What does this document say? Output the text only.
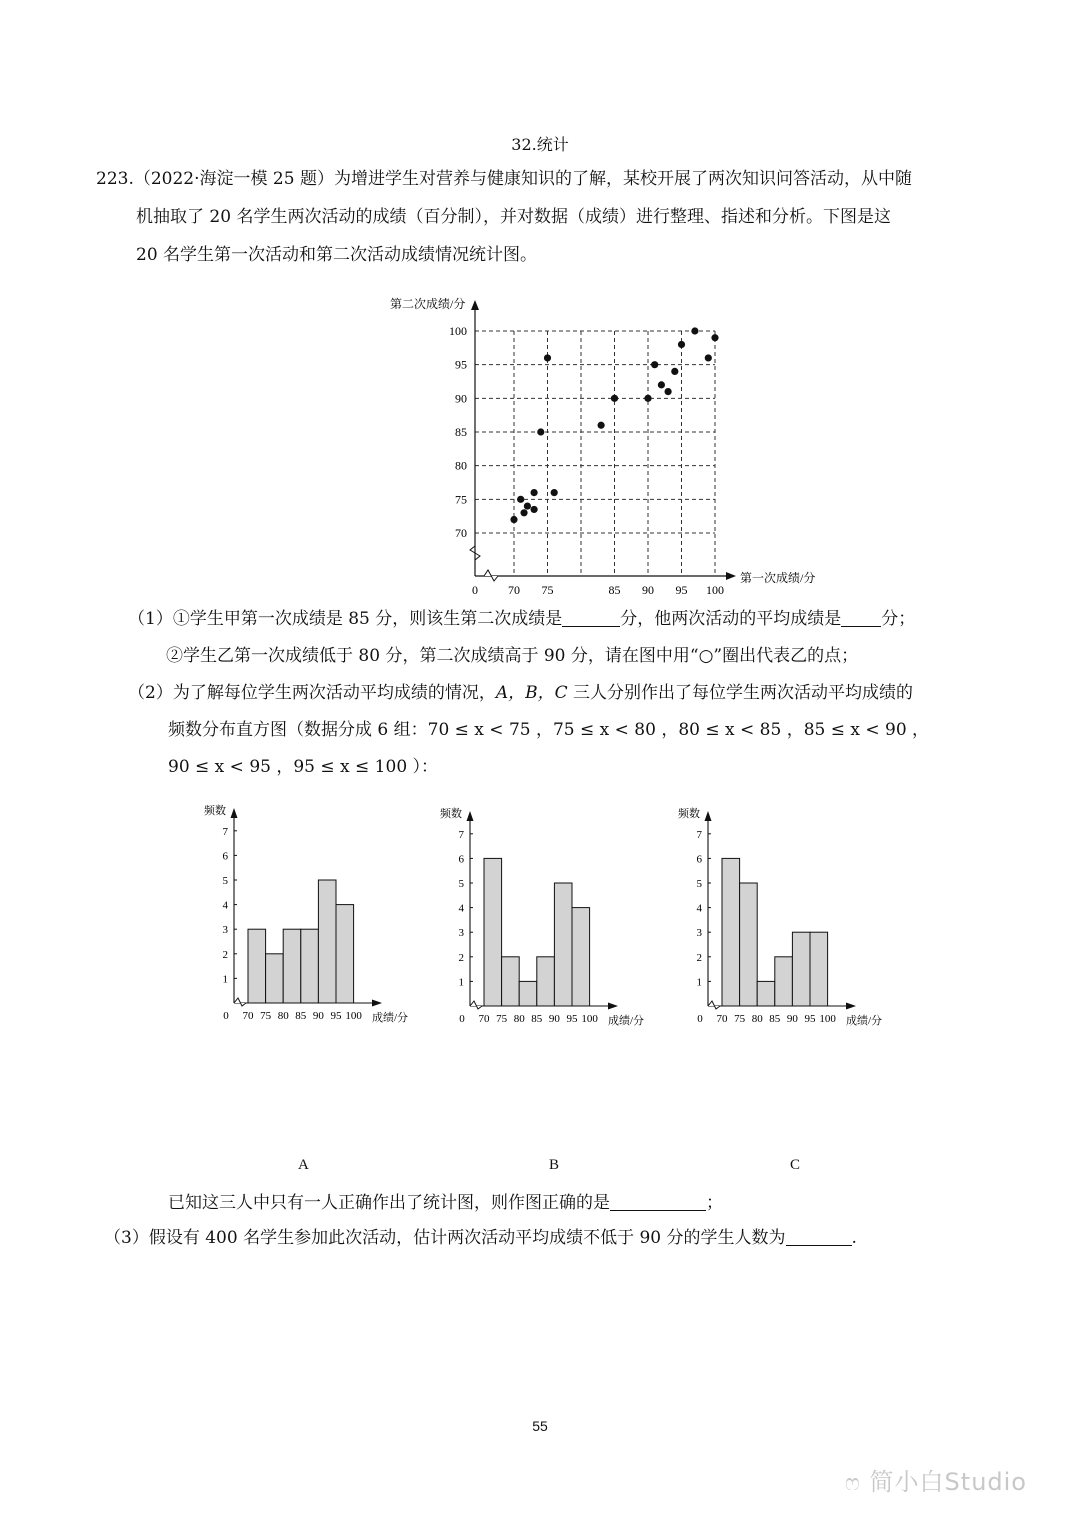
32.统计
223.（2022·海淀一模 25 题）为增进学生对营养与健康知识的了解，某校开展了两次知识问答活动，从中随
机抽取了 20 名学生两次活动的成绩（百分制），并对数据（成绩）进行整理、指述和分析。下图是这
20 名学生第一次活动和第二次活动成绩情况统计图。
70
75
80
85
90
95
100
70 75	85 90 95 100
0
第二次成绩/分
第一次成绩/分
（1）①学生甲第一次成绩是 85 分，则该生第二次成绩是	分，他两次活动的平均成绩是 分；
②学生乙第一次成绩低于 80 分，第二次成绩高于 90 分，请在图中用“○”圈出代表乙的点；
（2）为了解每位学生两次活动平均成绩的情况，A，B，C 三人分别作出了每位学生两次活动平均成绩的
频数分布直方图（数据分成 6 组：70 ≤ x < 75 ，75 ≤ x < 80 ，80 ≤ x < 85 ，85 ≤ x < 90 ，
90 ≤ x < 95 ，95 ≤ x ≤ 100 ）：
1
2
3
4
5
6
7
70 75 80 85 90 95 100
0
频数
成绩/分
1
2
3
4
5
6
7
70 75 80 85 90 95 100
0
频数
成绩/分
1
2
3
4
5
6
7
70 75 80 85 90 95 100
0
频数
成绩/分
A	B	C
已知这三人中只有一人正确作出了统计图，则作图正确的是	；
（3）假设有 400 名学生参加此次活动，估计两次活动平均成绩不低于 90 分的学生人数为	.
55
ෆ 简小白Studio
